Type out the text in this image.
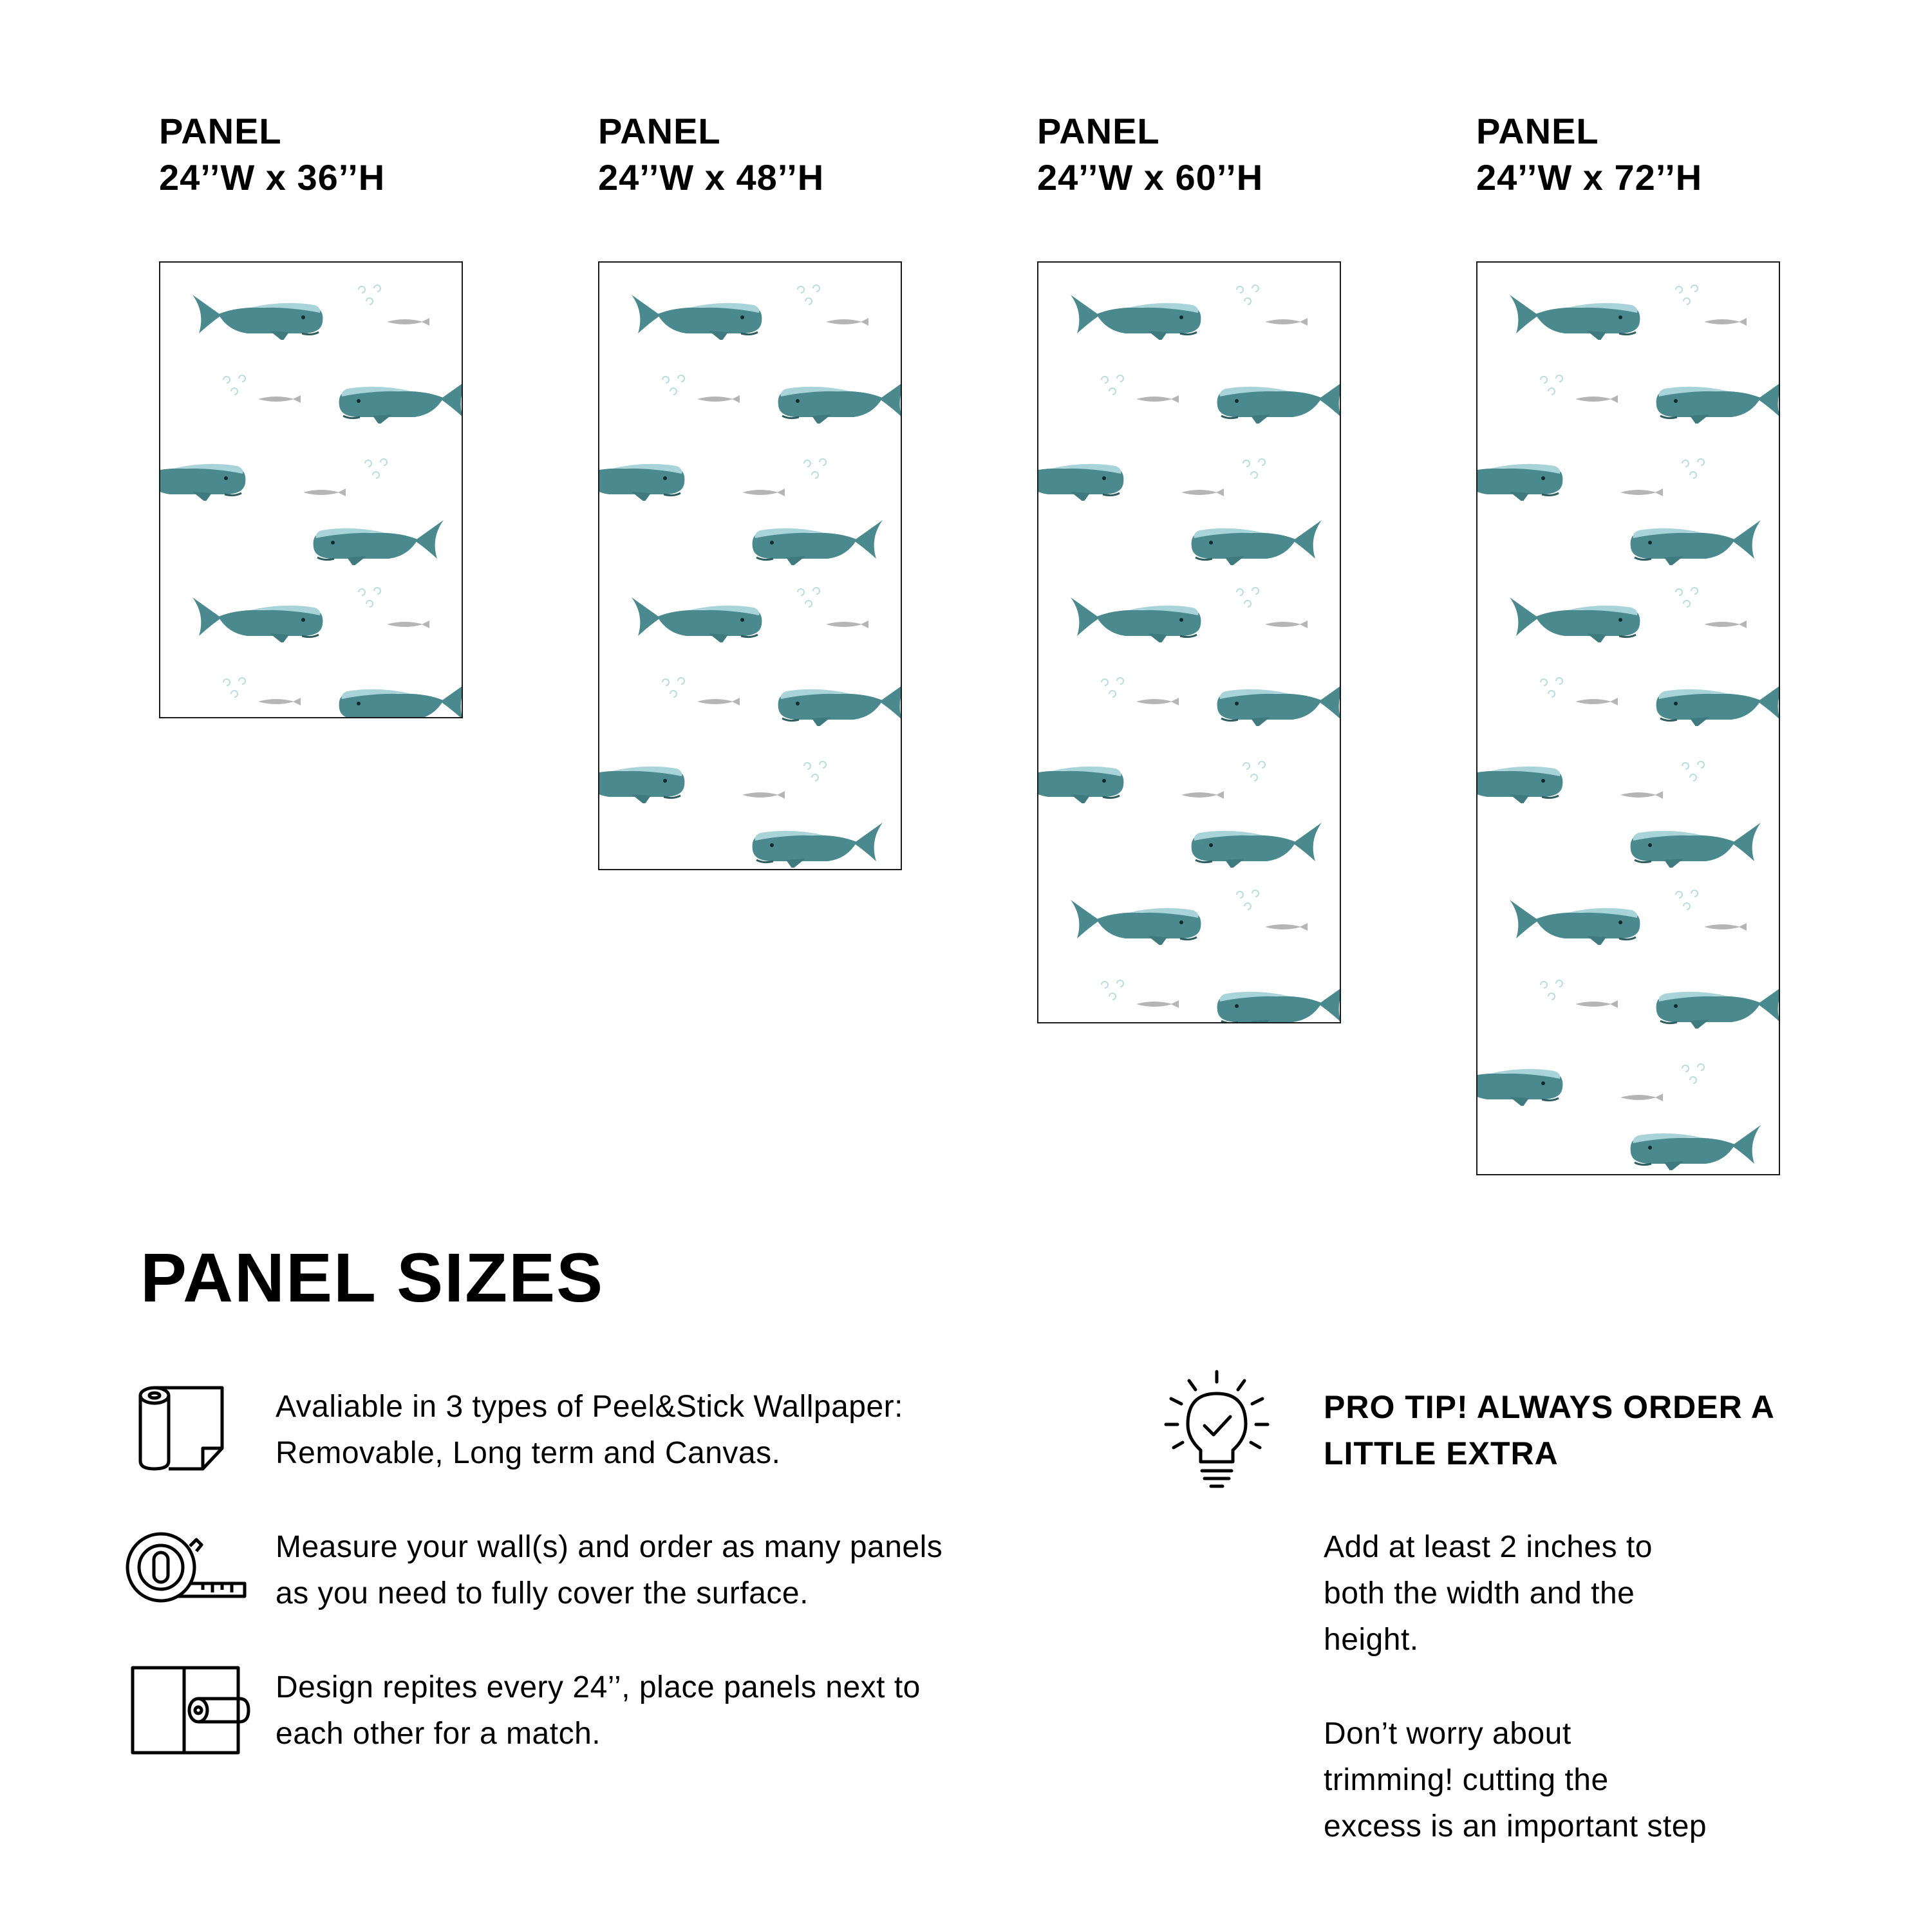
PANEL
24’’W x 36’’H
PANEL
24’’W x 48’’H
PANEL
24’’W x 60’’H
PANEL
24’’W x 72’’H
PANEL SIZES
Avaliable in 3 types of Peel&Stick Wallpaper:
Removable, Long term and Canvas.
Measure your wall(s) and order as many panels
as you need to fully cover the surface.
Design repites every 24’’, place panels next to
each other for a match.
PRO TIP! ALWAYS ORDER A
LITTLE EXTRA
Add at least 2 inches to
both the width and the
height.
Don’t worry about
trimming! cutting the
excess is an important step
